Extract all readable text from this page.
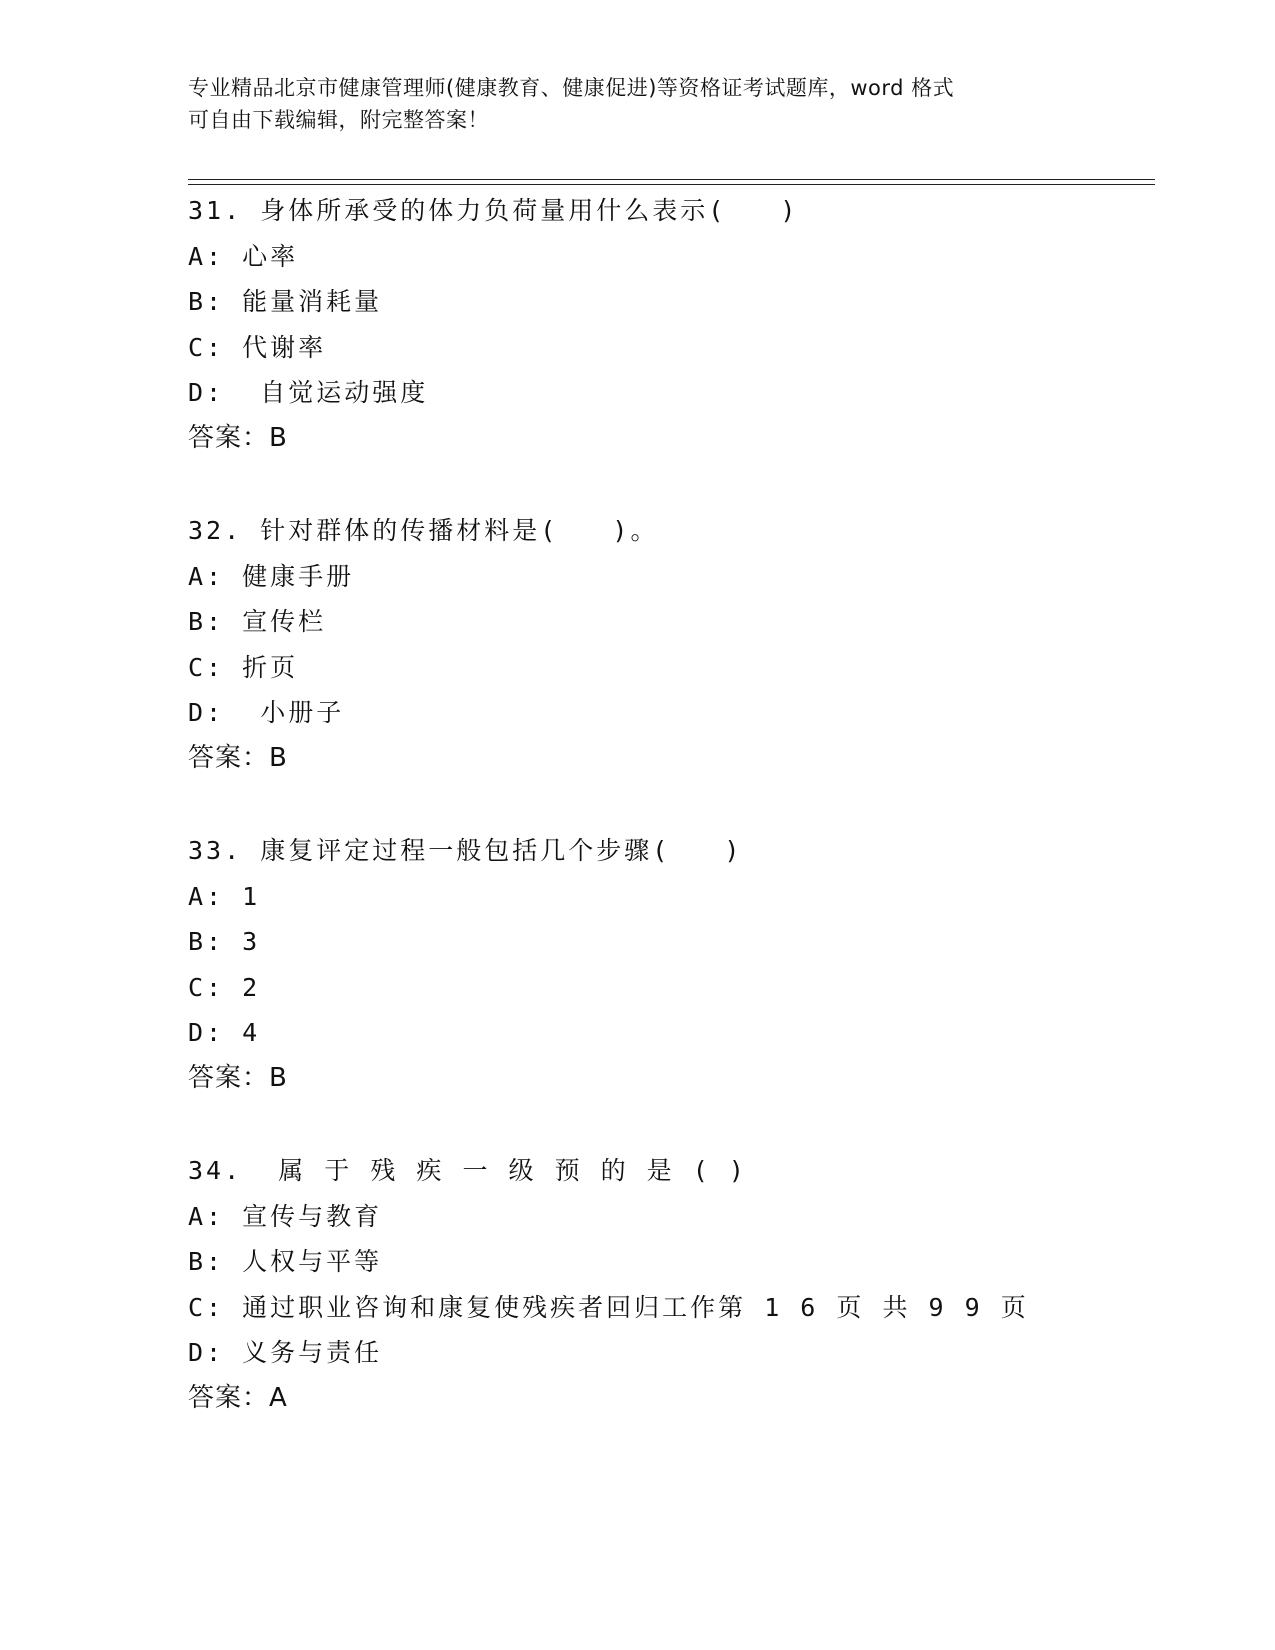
专业精品北京市健康管理师(健康教育、健康促进)等资格证考试题库，word 格式
可自由下载编辑，附完整答案！
31. 身体所承受的体力负荷量用什么表示(   )
A: 心率
B: 能量消耗量
C: 代谢率
D:  自觉运动强度
答案：B
32. 针对群体的传播材料是(   )。
A: 健康手册
B: 宣传栏
C: 折页
D:  小册子
答案：B
33. 康复评定过程一般包括几个步骤(   )
A: 1
B: 3
C: 2
D: 4
答案：B
34.  属 于 残 疾 一 级 预 的 是 ( )
A: 宣传与教育
B: 人权与平等
C: 通过职业咨询和康复使残疾者回归工作第 1 6 页 共 9 9 页
D: 义务与责任
答案：A
